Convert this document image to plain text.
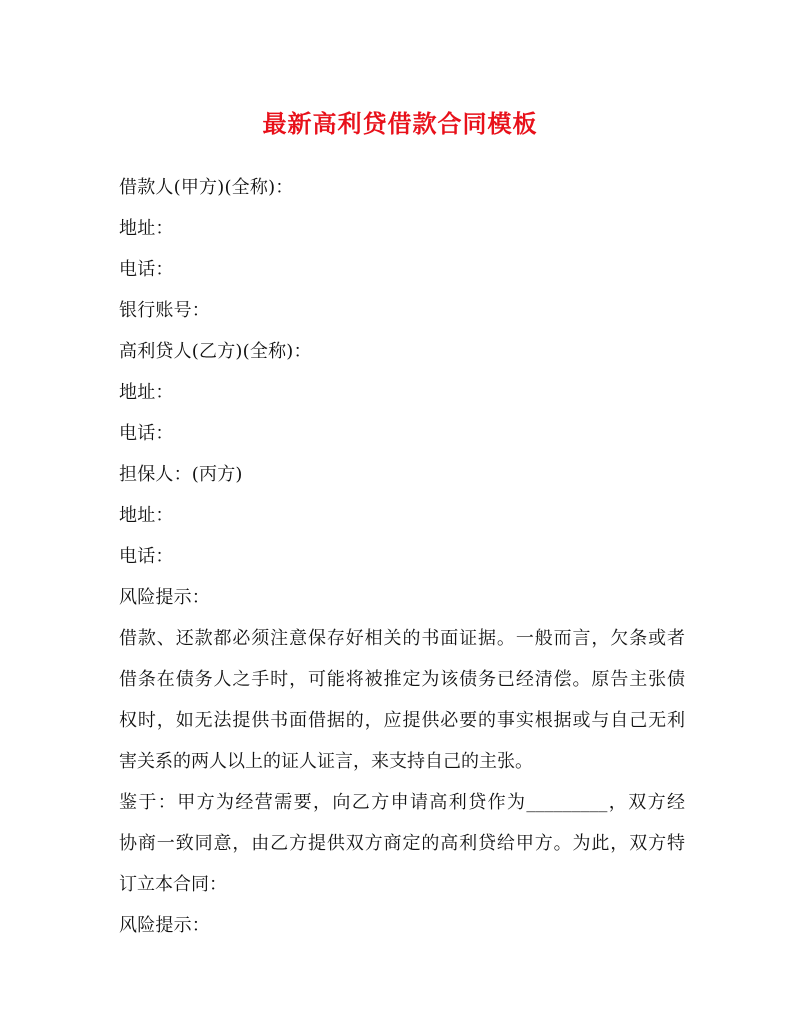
最新高利贷借款合同模板
借款人(甲方)(全称)：
地址：
电话：
银行账号：
高利贷人(乙方)(全称)：
地址：
电话：
担保人：(丙方)
地址：
电话：
风险提示：
借款、还款都必须注意保存好相关的书面证据。一般而言，欠条或者
借条在债务人之手时，可能将被推定为该债务已经清偿。原告主张债
权时，如无法提供书面借据的，应提供必要的事实根据或与自己无利
害关系的两人以上的证人证言，来支持自己的主张。
鉴于：甲方为经营需要，向乙方申请高利贷作为_________，双方经
协商一致同意，由乙方提供双方商定的高利贷给甲方。为此，双方特
订立本合同：
风险提示：
